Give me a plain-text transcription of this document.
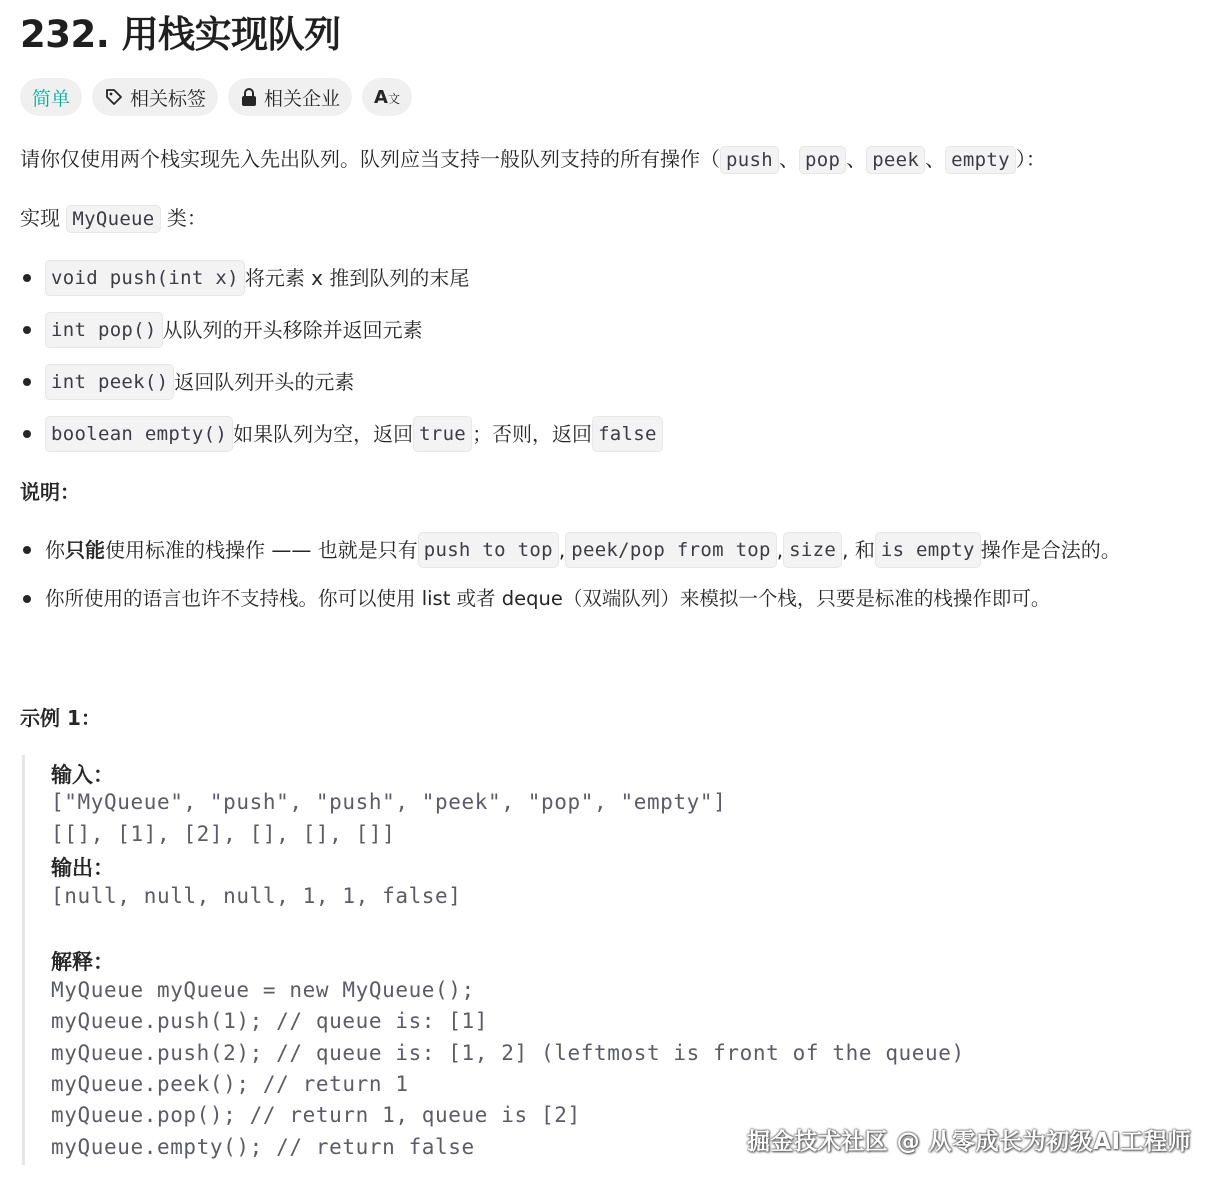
232. 用栈实现队列
简单	相关标签	相关企业 A文
请你仅使用两个栈实现先入先出队列。队列应当支持一般队列支持的所有操作（ push 、 pop 、 peek 、 empty ）：
实现 MyQueue 类：
void push(int x) 将元素 x 推到队列的末尾
int pop() 从队列的开头移除并返回元素
int peek() 返回队列开头的元素
boolean empty() 如果队列为空，返回 true ；否则，返回 false
说明：
你 只能 使用标准的栈操作 —— 也就是只有 push to top , peek/pop from top , size , 和 is empty 操作是合法的。
你所使用的语言也许不支持栈。你可以使用 list 或者 deque（双端队列）来模拟一个栈，只要是标准的栈操作即可。
示例 1：
输入：
["MyQueue", "push", "push", "peek", "pop", "empty"]
[[], [1], [2], [], [], []]
输出：
[null, null, null, 1, 1, false]
解释：
MyQueue myQueue = new MyQueue();
myQueue.push(1); // queue is: [1]
myQueue.push(2); // queue is: [1, 2] (leftmost is front of the queue)
myQueue.peek(); // return 1
myQueue.pop(); // return 1, queue is [2]
myQueue.empty(); // return false	掘金技术社区 @ 从零成长为初级AI工程师
